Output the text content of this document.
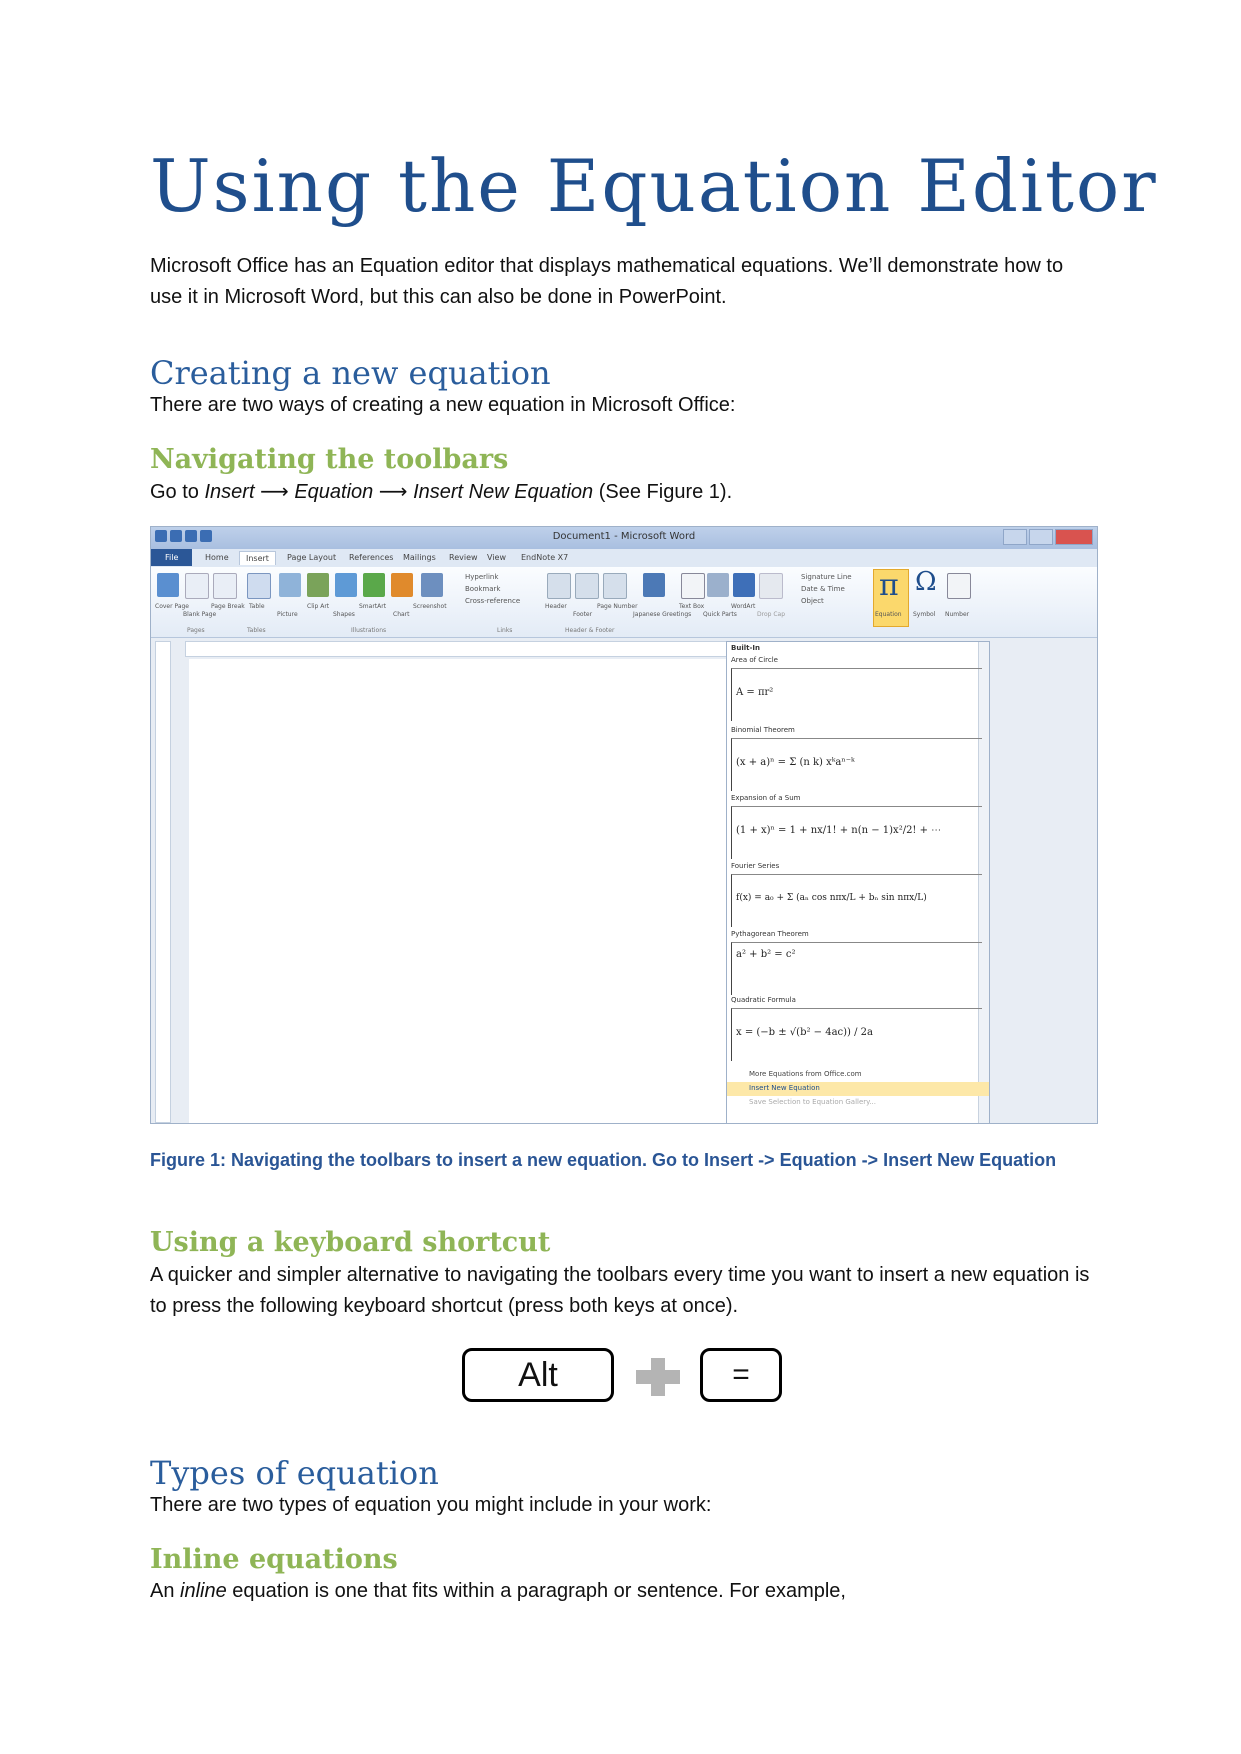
Using the Equation Editor
Microsoft Office has an Equation editor that displays mathematical equations. We’ll demonstrate how to use it in Microsoft Word, but this can also be done in PowerPoint.
Creating a new equation
There are two ways of creating a new equation in Microsoft Office:
Navigating the toolbars
Go to Insert ⟶ Equation ⟶ Insert New Equation (See Figure 1).
Document1 - Microsoft Word
File	Home	Insert	Page Layout	References	Mailings	Review	View	EndNote X7
Cover Page
Blank Page
Page Break Table
Picture
Clip Art
Shapes
SmartArt
Chart
Screenshot
Hyperlink
Bookmark
Cross-reference
Header
Footer
Page Number
Japanese Greetings
Text Box
Quick Parts
WordArt
Drop Cap
Signature Line
Date & Time
Object π
Equation
Ω
Symbol Number
Pages	Tables	Illustrations	Links	Header & Footer
Built-In
Area of Circle
A = πr²
Binomial Theorem
(x + a)ⁿ = Σ (n k) xᵏaⁿ⁻ᵏ
Expansion of a Sum
(1 + x)ⁿ = 1 + nx/1! + n(n − 1)x²/2! + ⋯
Fourier Series
f(x) = a₀ + Σ (aₙ cos nπx/L + bₙ sin nπx/L)
Pythagorean Theorem
a² + b² = c²
Quadratic Formula
x = (−b ± √(b² − 4ac)) / 2a
More Equations from Office.com
Insert New Equation
Save Selection to Equation Gallery...
Figure 1: Navigating the toolbars to insert a new equation. Go to Insert -> Equation -> Insert New Equation
Using a keyboard shortcut
A quicker and simpler alternative to navigating the toolbars every time you want to insert a new equation is to press the following keyboard shortcut (press both keys at once).
Alt	=
Types of equation
There are two types of equation you might include in your work:
Inline equations
An inline equation is one that fits within a paragraph or sentence. For example,
